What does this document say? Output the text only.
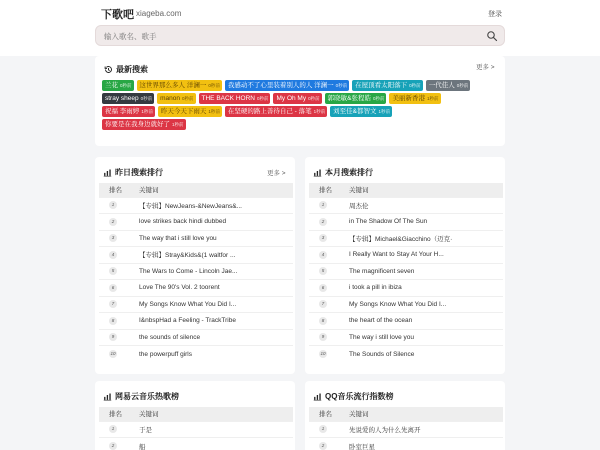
下歌吧 xiageba.com	登录
输入歌名、歌手
最新搜索	更多 >
兰花 0秒前	这世界那么多人 洋澜一 0秒前	我感动不了心里装着别人的人 洋澜一 0秒前	在屋顶看太阳落下 0秒前	一代佳人 0秒前
stray sheep 0秒前	manon 0秒前	THE BACK HORN 0秒前	My Oh My 0秒前	郭晓敏&张程皓 0秒前	美丽新香港 1秒前
祝福 李雨婷 1秒前	昨天今天下雨天 1秒前	在坚硬的路上善待自己 - 落笔 1秒前	刘至佳&都智文 1秒前
你要是在我身边就好了 1秒前
昨日搜索排行	更多 >
排名	关键词
1	【专辑】NewJeans-&NewJeans&...
2	love strikes back hindi dubbed
3	The way that i still love you
4	【专辑】Stray&Kids&(1 waltfor ...
5	The Wars to Come - Lincoln Jae...
6	Love The 90's Vol. 2 toorent
7	My Songs Know What You Did I...
8	I&nbspHad a Feeling - TrackTribe
9	the sounds of silence
10	the powerpuff girls
本月搜索排行
排名	关键词
1	周杰伦
2	in The Shadow Of The Sun
3	【专辑】Michael&Giacchino（迈克·
4	I Really Want to Stay At Your H...
5	The magnificent seven
6	i took a pill in ibiza
7	My Songs Know What You Did I...
8	the heart of the ocean
9	The way i still love you
10	The Sounds of Silence
网易云音乐热歌榜
排名	关键词
1	于是
2	船
QQ音乐流行指数榜
排名	关键词
1	先说爱的人为什么先离开
2	卧室巨星
